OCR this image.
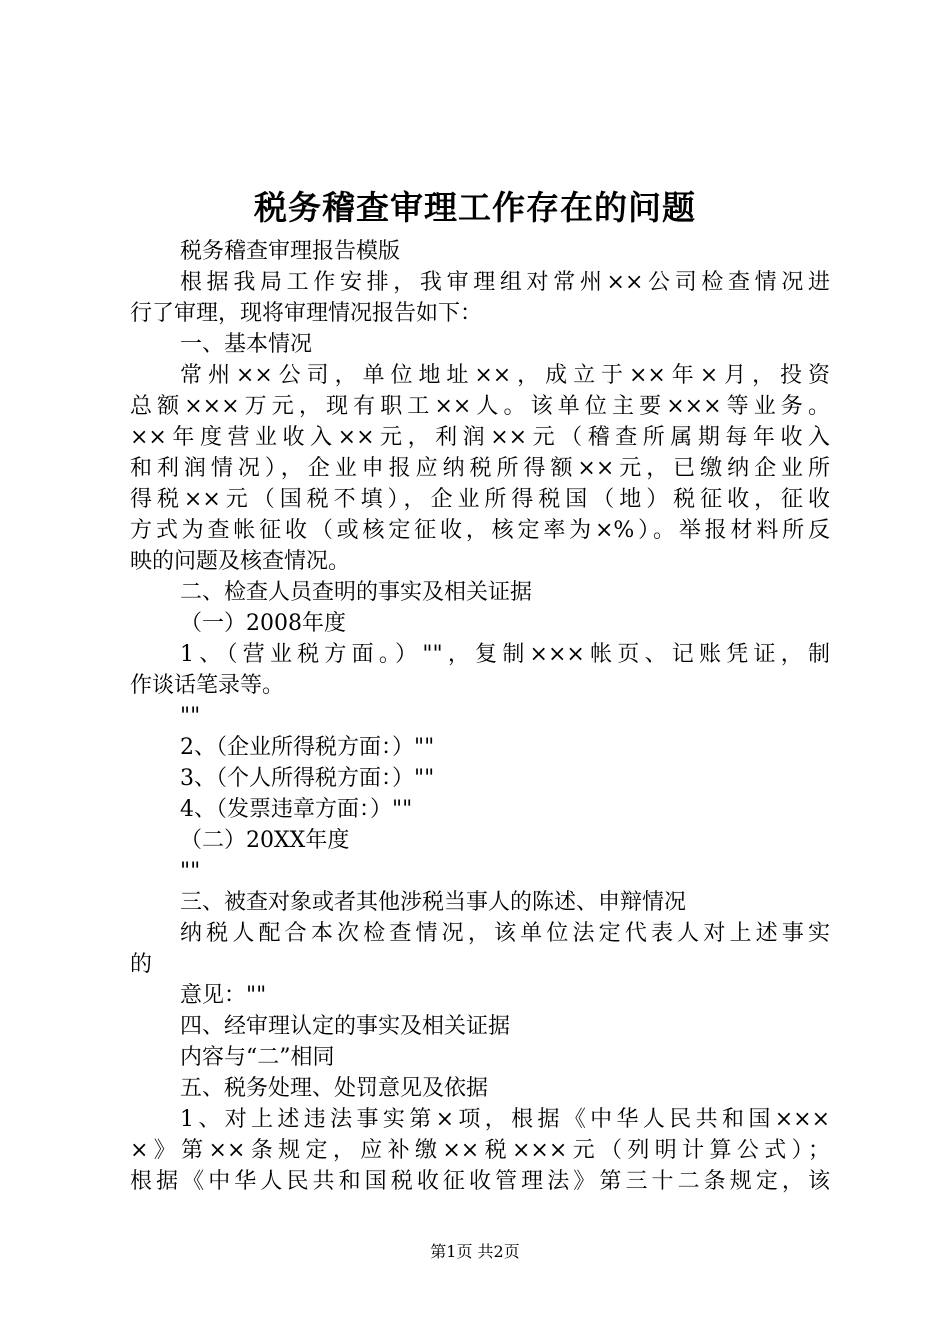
税务稽查审理工作存在的问题
税务稽查审理报告模版
根据我局工作安排，我审理组对常州××公司检查情况进
行了审理，现将审理情况报告如下：
一、基本情况
常州××公司，单位地址××，成立于××年×月，投资
总额×××万元，现有职工××人。该单位主要×××等业务。
××年度营业收入××元，利润××元（稽查所属期每年收入
和利润情况），企业申报应纳税所得额××元，已缴纳企业所
得税××元（国税不填），企业所得税国（地）税征收，征收
方式为查帐征收（或核定征收，核定率为×%）。举报材料所反
映的问题及核查情况。
二、检查人员查明的事实及相关证据
（一）2008年度
1、（营业税方面。）""，复制×××帐页、记账凭证，制
作谈话笔录等。
""
2、（企业所得税方面：）""
3、（个人所得税方面：）""
4、（发票违章方面：）""
（二）20XX年度
""
三、被查对象或者其他涉税当事人的陈述、申辩情况
纳税人配合本次检查情况，该单位法定代表人对上述事实
的
意见：""
四、经审理认定的事实及相关证据
内容与“二”相同
五、税务处理、处罚意见及依据
1、对上述违法事实第×项，根据《中华人民共和国×××
×》第××条规定，应补缴××税×××元（列明计算公式）；
根据《中华人民共和国税收征收管理法》第三十二条规定，该
第1页 共2页
